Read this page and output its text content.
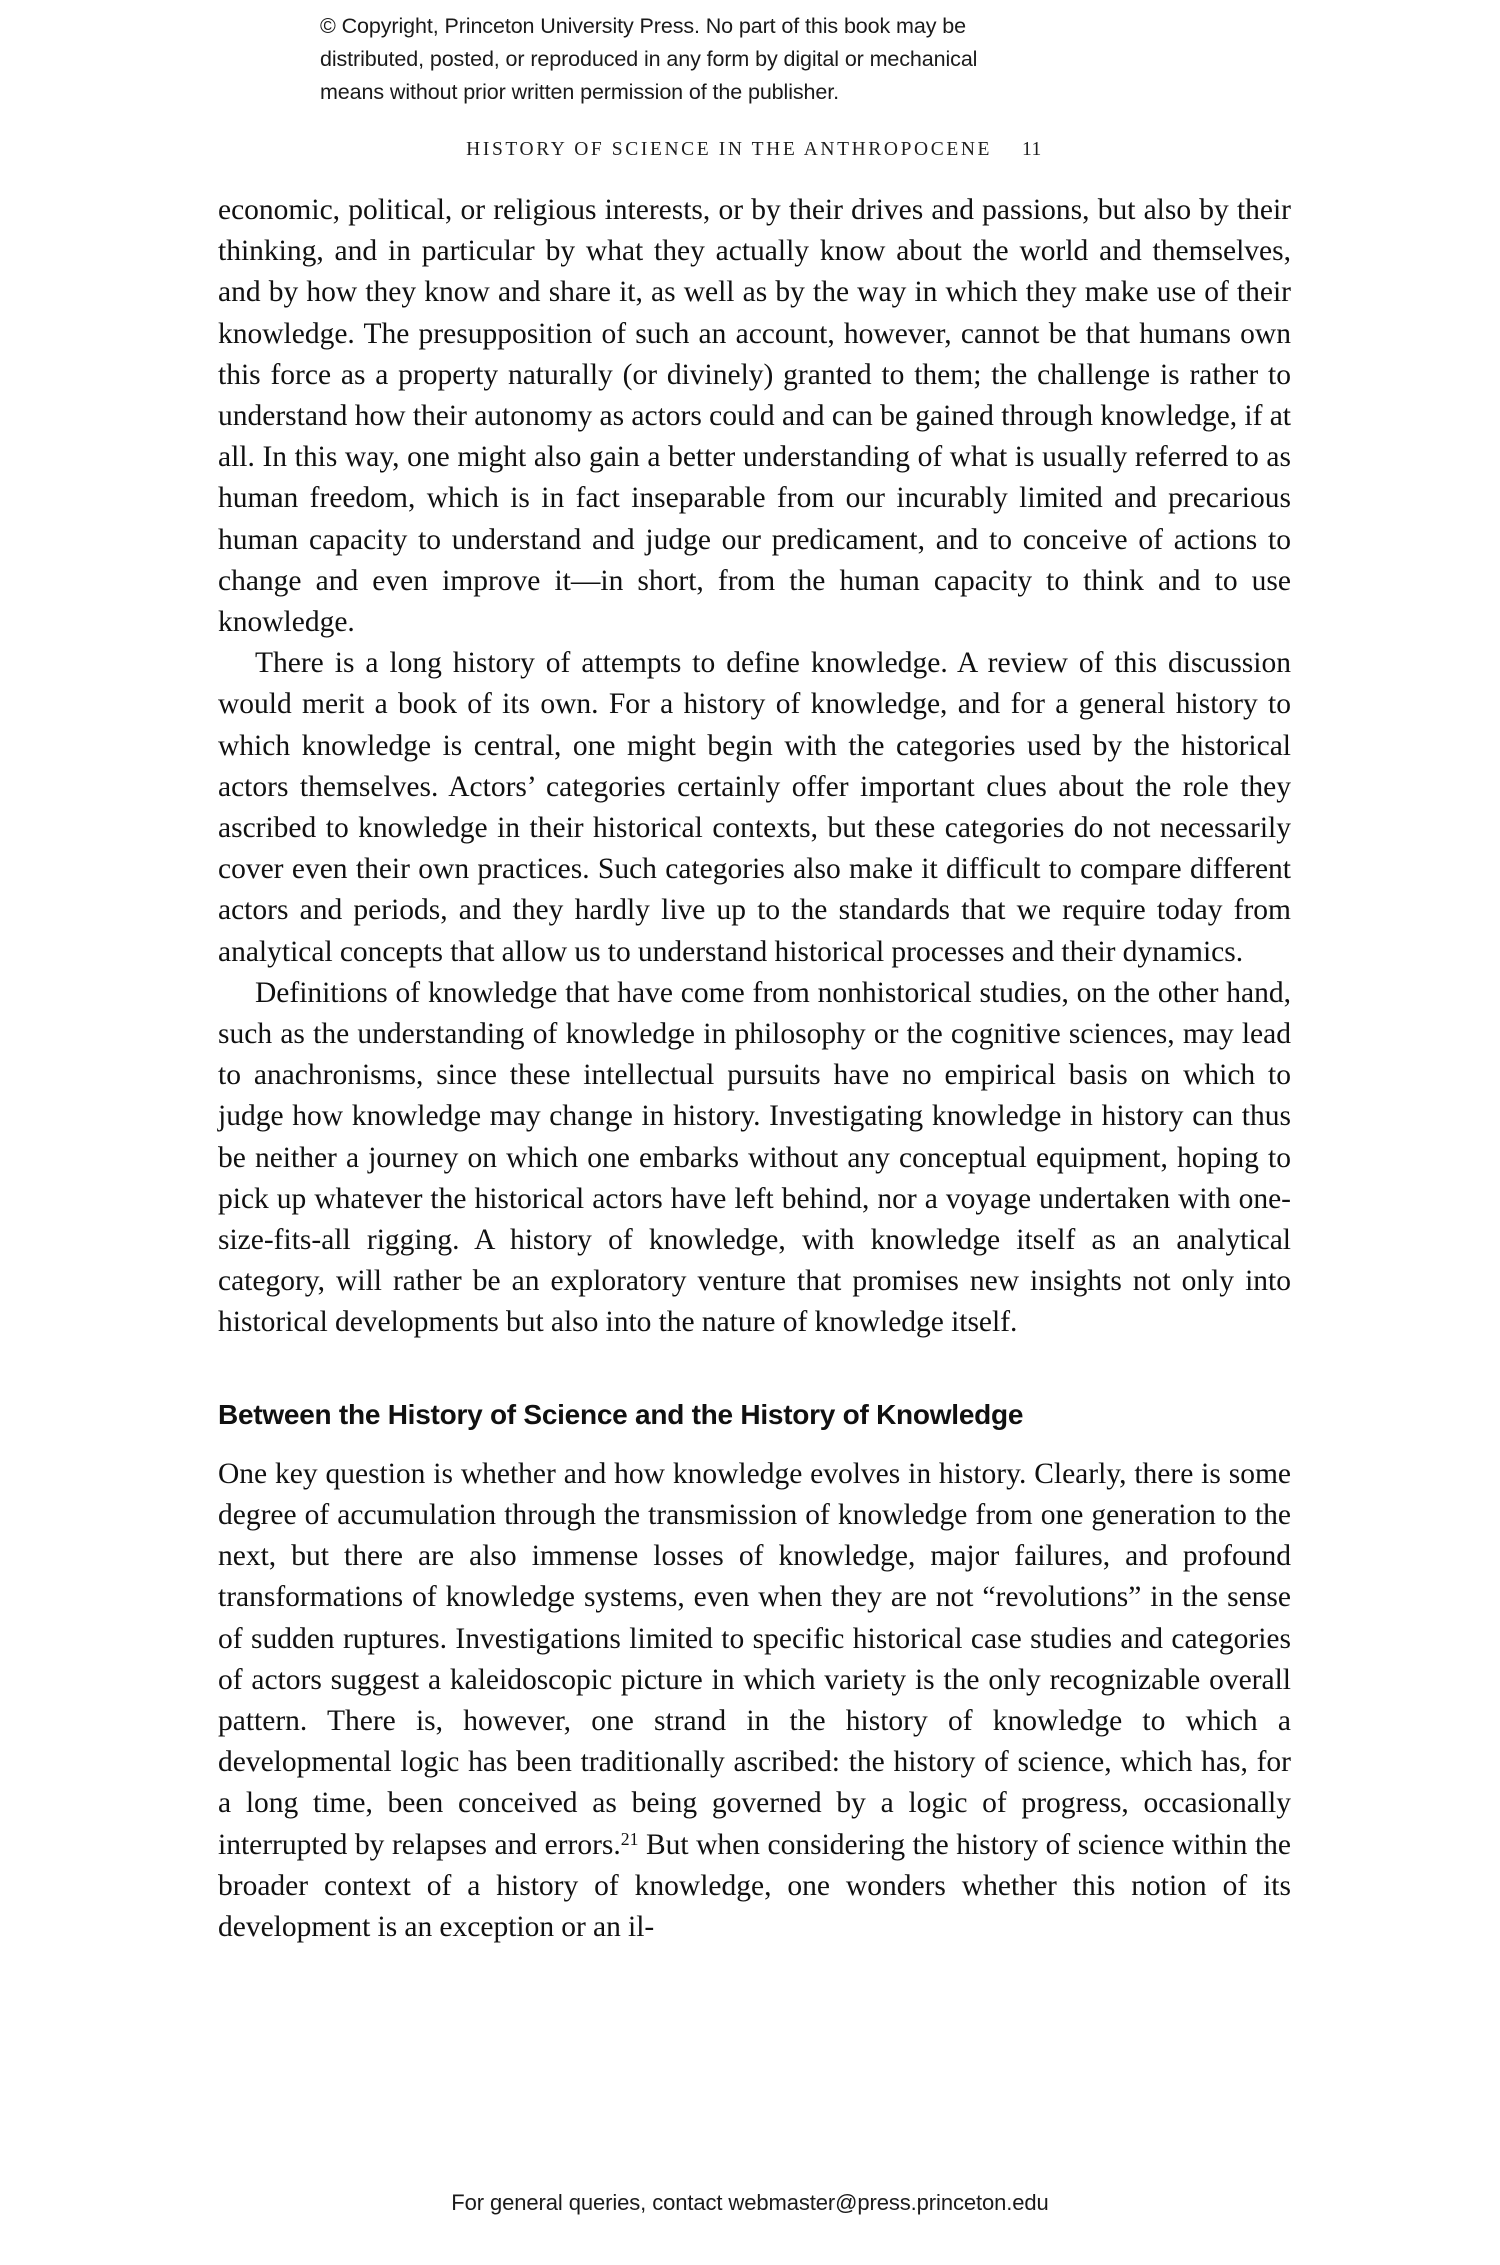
© Copyright, Princeton University Press. No part of this book may be distributed, posted, or reproduced in any form by digital or mechanical means without prior written permission of the publisher.
HISTORY OF SCIENCE IN THE ANTHROPOCENE 11

economic, political, or religious interests, or by their drives and passions, but also by their thinking, and in particular by what they actually know about the world and themselves, and by how they know and share it, as well as by the way in which they make use of their knowledge. The presupposition of such an account, however, cannot be that humans own this force as a property naturally (or divinely) granted to them; the challenge is rather to understand how their autonomy as actors could and can be gained through knowledge, if at all. In this way, one might also gain a better understanding of what is usually referred to as human freedom, which is in fact inseparable from our incurably limited and precarious human capacity to understand and judge our predicament, and to conceive of actions to change and even improve it—in short, from the human capacity to think and to use knowledge.

There is a long history of attempts to define knowledge. A review of this discussion would merit a book of its own. For a history of knowledge, and for a general history to which knowledge is central, one might begin with the categories used by the historical actors themselves. Actors’ categories certainly offer important clues about the role they ascribed to knowledge in their historical contexts, but these categories do not necessarily cover even their own practices. Such categories also make it difficult to compare different actors and periods, and they hardly live up to the standards that we require today from analytical concepts that allow us to understand historical processes and their dynamics.

Definitions of knowledge that have come from nonhistorical studies, on the other hand, such as the understanding of knowledge in philosophy or the cognitive sciences, may lead to anachronisms, since these intellectual pursuits have no empirical basis on which to judge how knowledge may change in history. Investigating knowledge in history can thus be neither a journey on which one embarks without any conceptual equipment, hoping to pick up whatever the historical actors have left behind, nor a voyage undertaken with one-size-fits-all rigging. A history of knowledge, with knowledge itself as an analytical category, will rather be an exploratory venture that promises new insights not only into historical developments but also into the nature of knowledge itself.

Between the History of Science and the History of Knowledge

One key question is whether and how knowledge evolves in history. Clearly, there is some degree of accumulation through the transmission of knowledge from one generation to the next, but there are also immense losses of knowledge, major failures, and profound transformations of knowledge systems, even when they are not “revolutions” in the sense of sudden ruptures. Investigations limited to specific historical case studies and categories of actors suggest a kaleidoscopic picture in which variety is the only recognizable overall pattern. There is, however, one strand in the history of knowledge to which a developmental logic has been traditionally ascribed: the history of science, which has, for a long time, been conceived as being governed by a logic of progress, occasionally interrupted by relapses and errors.$^{21}$ But when considering the history of science within the broader context of a history of knowledge, one wonders whether this notion of its development is an exception or an il-

For general queries, contact webmaster@press.princeton.edu
